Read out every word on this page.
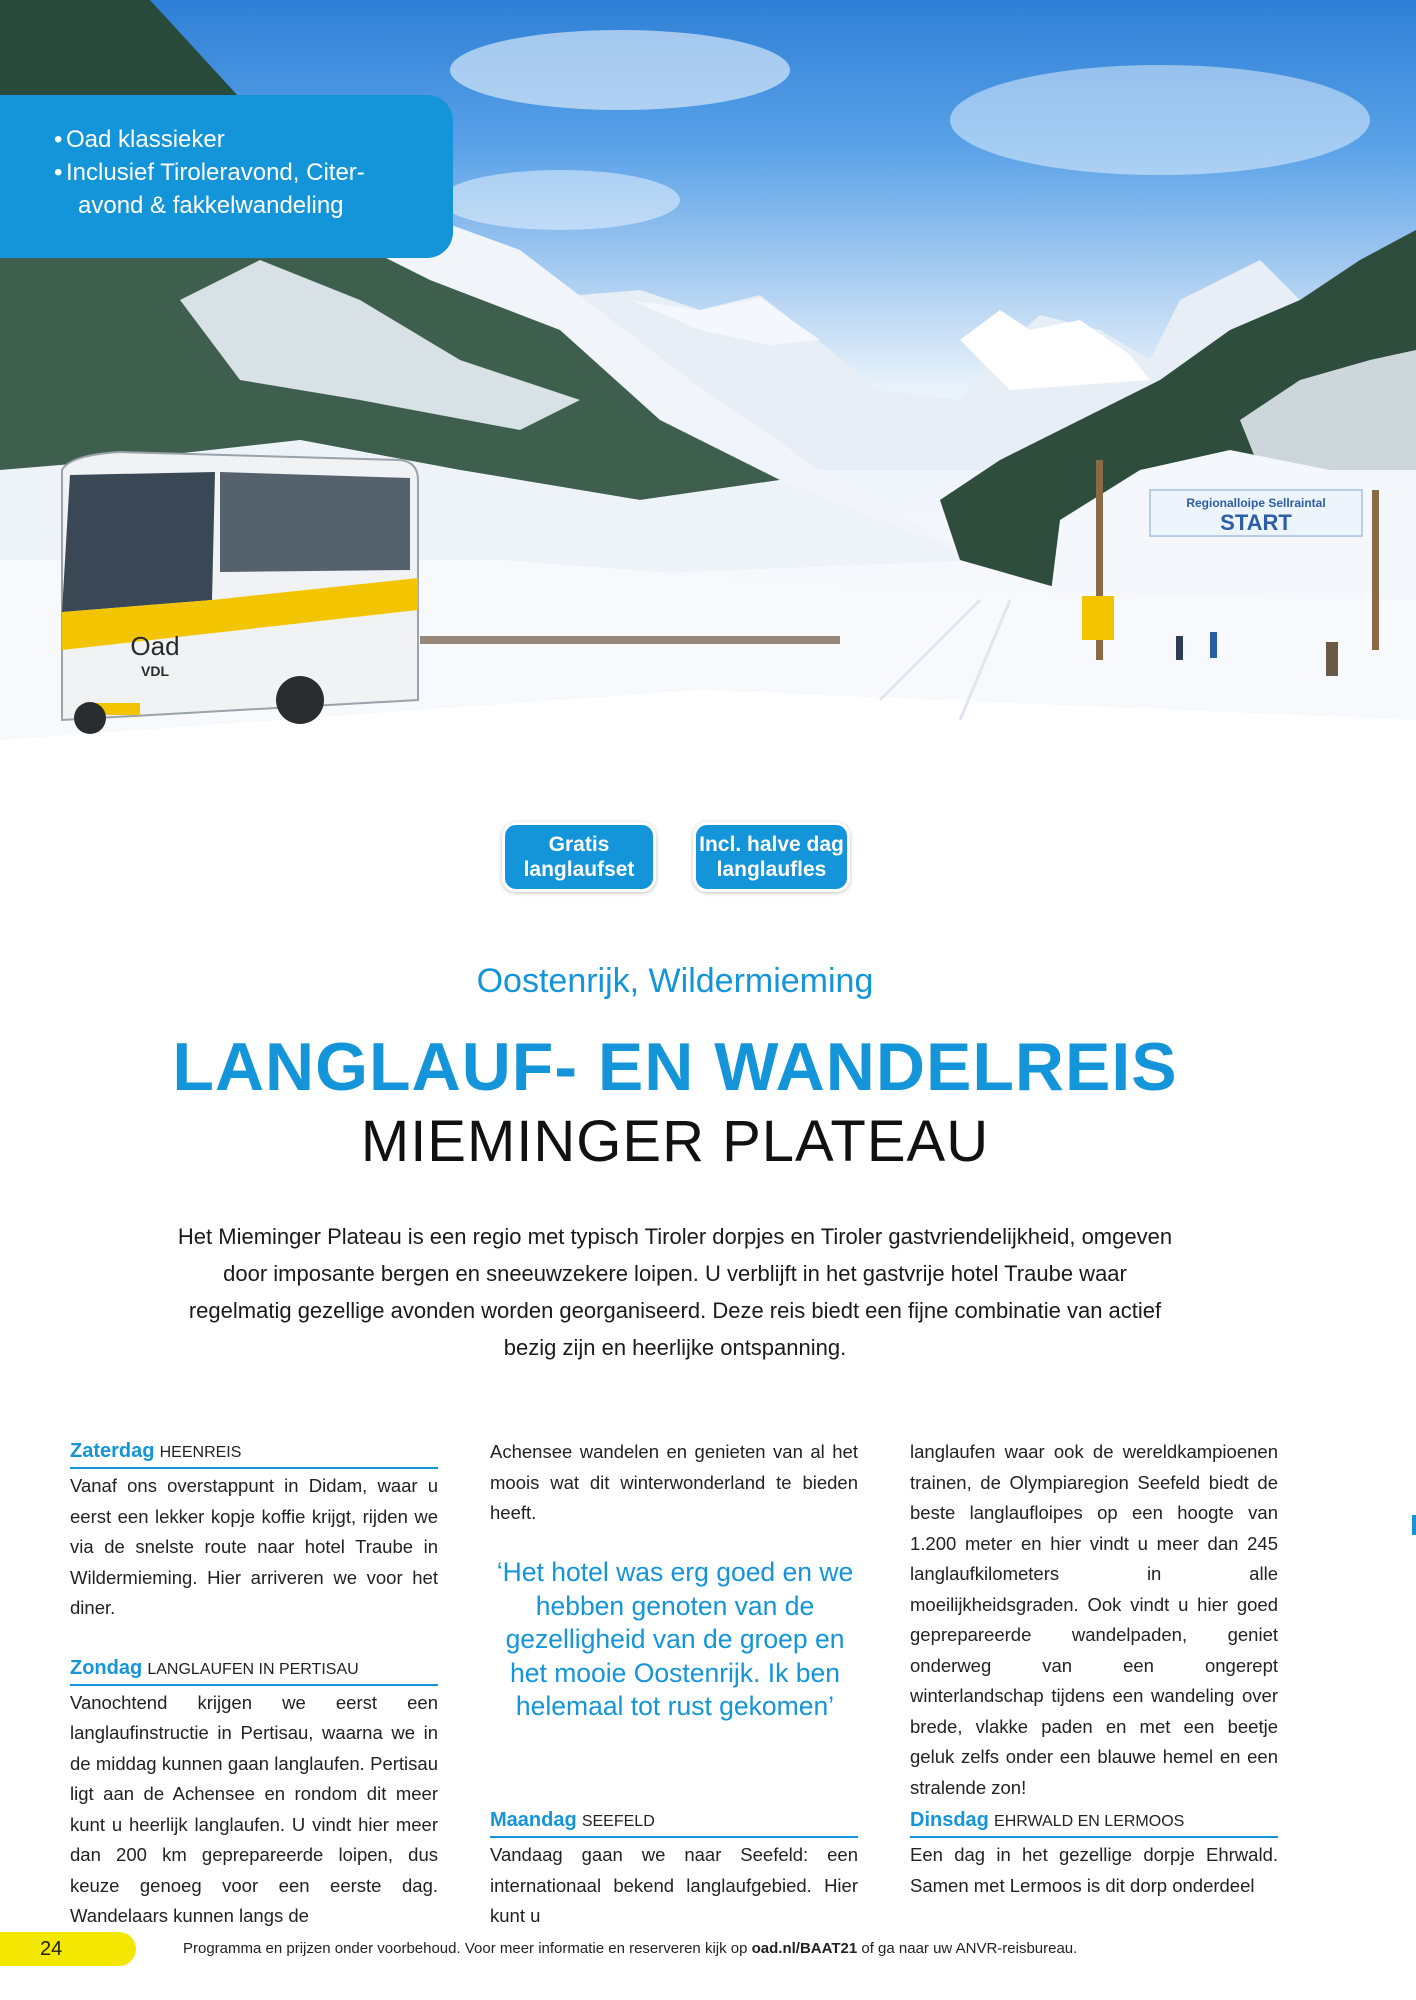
Regionalloipe Sellraintal
START
Oad
VDL
• Oad klassieker
• Inclusief Tiroleravond, Citer-
avond & fakkelwandeling
Gratis
langlaufset
Incl. halve dag
langlaufles
Pertisau
Oostenrijk, Wildermieming
LANGLAUF- EN WANDELREIS
MIEMINGER PLATEAU
Het Mieminger Plateau is een regio met typisch Tiroler dorpjes en Tiroler gastvriendelijkheid, omgeven door imposante bergen en sneeuwzekere loipen. U verblijft in het gastvrije hotel Traube waar regelmatig gezellige avonden worden georganiseerd. Deze reis biedt een fijne combinatie van actief bezig zijn en heerlijke ontspanning.
Zaterdag HEENREIS

Vanaf ons overstappunt in Didam, waar u eerst een lekker kopje koffie krijgt, rijden we via de snelste route naar hotel Traube in Wildermieming. Hier arriveren we voor het diner.

Zondag LANGLAUFEN IN PERTISAU

Vanochtend krijgen we eerst een langlaufinstructie in Pertisau, waarna we in de middag kunnen gaan langlaufen. Pertisau ligt aan de Achensee en rondom dit meer kunt u heerlijk langlaufen. U vindt hier meer dan 200 km geprepareerde loipen, dus keuze genoeg voor een eerste dag. Wandelaars kunnen langs de

Achensee wandelen en genieten van al het moois wat dit winterwonderland te bieden heeft.

‘Het hotel was erg goed en we hebben genoten van de gezelligheid van de groep en het mooie Oostenrijk. Ik ben helemaal tot rust gekomen’
Maandag SEEFELD

Vandaag gaan we naar Seefeld: een internationaal bekend langlaufgebied. Hier kunt u

langlaufen waar ook de wereldkampioenen trainen, de Olympiaregion Seefeld biedt de beste langlaufloipes op een hoogte van 1.200 meter en hier vindt u meer dan 245 langlaufkilometers in alle moeilijkheidsgraden. Ook vindt u hier goed geprepareerde wandelpaden, geniet onderweg van een ongerept winterlandschap tijdens een wandeling over brede, vlakke paden en met een beetje geluk zelfs onder een blauwe hemel en een stralende zon!

Dinsdag EHRWALD EN LERMOOS

Een dag in het gezellige dorpje Ehrwald. Samen met Lermoos is dit dorp onderdeel

24	Programma en prijzen onder voorbehoud. Voor meer informatie en reserveren kijk op oad.nl/BAAT21 of ga naar uw ANVR-reisbureau.
